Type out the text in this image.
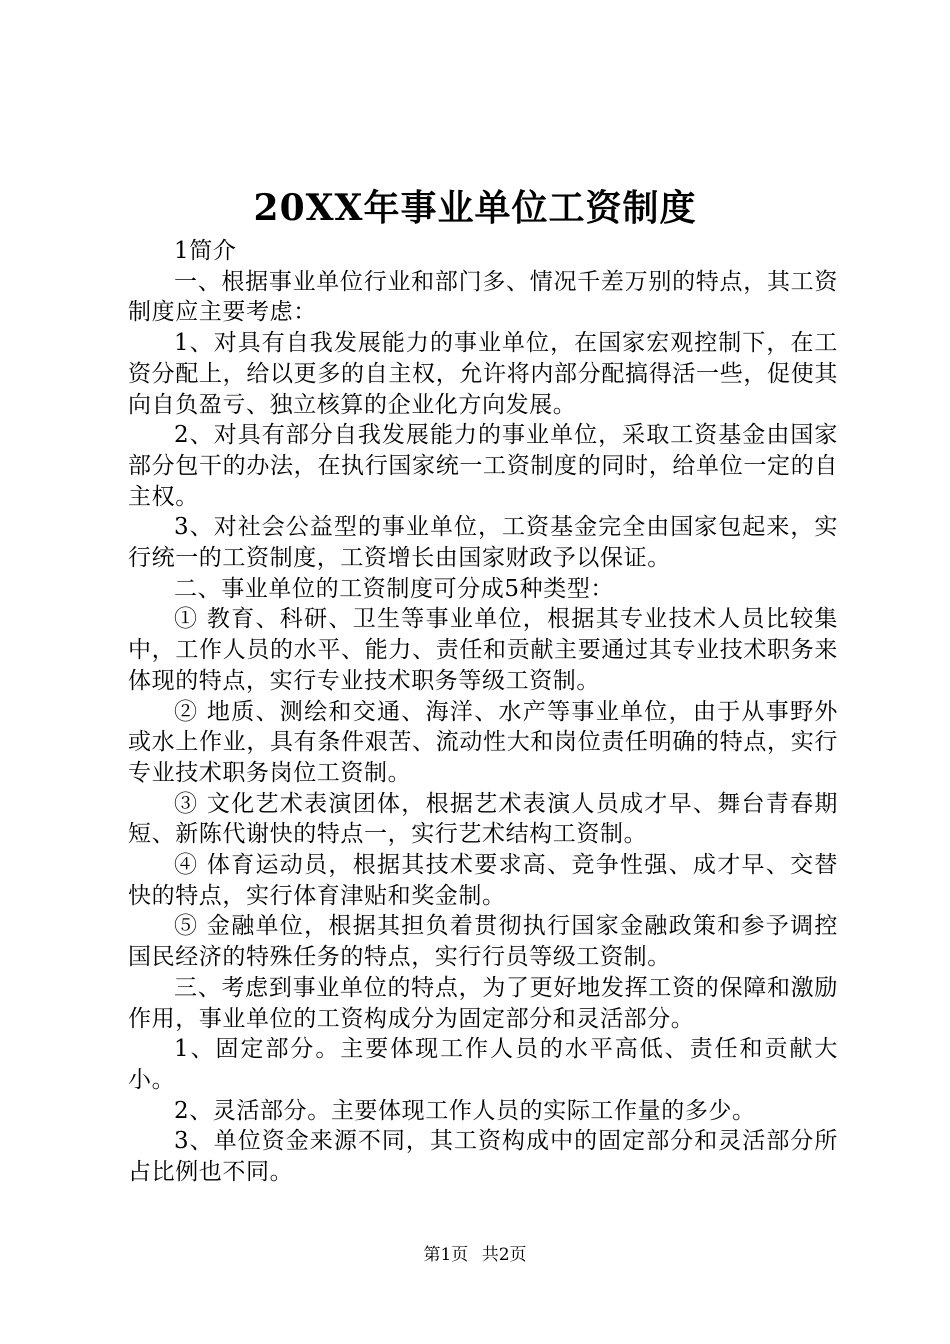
20XX年事业单位工资制度

1简介

一、根据事业单位行业和部门多、情况千差万别的特点，其工资制度应主要考虑：

1、对具有自我发展能力的事业单位，在国家宏观控制下，在工资分配上，给以更多的自主权，允许将内部分配搞得活一些，促使其向自负盈亏、独立核算的企业化方向发展。

2、对具有部分自我发展能力的事业单位，采取工资基金由国家部分包干的办法，在执行国家统一工资制度的同时，给单位一定的自主权。

3、对社会公益型的事业单位，工资基金完全由国家包起来，实行统一的工资制度，工资增长由国家财政予以保证。

二、事业单位的工资制度可分成5种类型：

① 教育、科研、卫生等事业单位，根据其专业技术人员比较集中，工作人员的水平、能力、责任和贡献主要通过其专业技术职务来体现的特点，实行专业技术职务等级工资制。

② 地质、测绘和交通、海洋、水产等事业单位，由于从事野外或水上作业，具有条件艰苦、流动性大和岗位责任明确的特点，实行专业技术职务岗位工资制。

③ 文化艺术表演团体，根据艺术表演人员成才早、舞台青春期短、新陈代谢快的特点一，实行艺术结构工资制。

④ 体育运动员，根据其技术要求高、竞争性强、成才早、交替快的特点，实行体育津贴和奖金制。

⑤ 金融单位，根据其担负着贯彻执行国家金融政策和参予调控国民经济的特殊任务的特点，实行行员等级工资制。

三、考虑到事业单位的特点，为了更好地发挥工资的保障和激励作用，事业单位的工资构成分为固定部分和灵活部分。

1、固定部分。主要体现工作人员的水平高低、责任和贡献大小。

2、灵活部分。主要体现工作人员的实际工作量的多少。

3、单位资金来源不同，其工资构成中的固定部分和灵活部分所占比例也不同。

第1页 共2页
